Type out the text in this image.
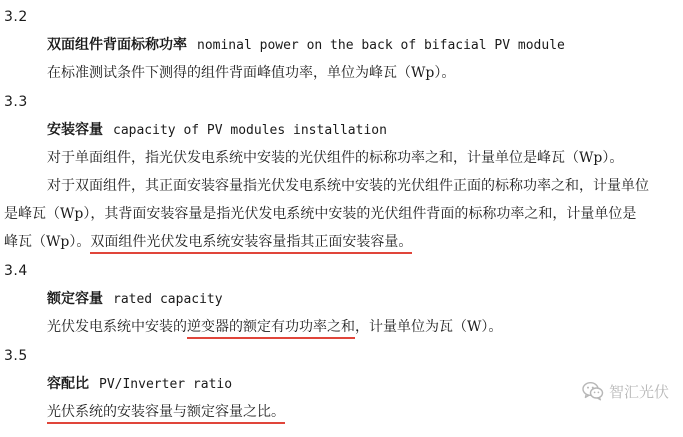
3.2
双面组件背面标称功率 nominal power on the back of bifacial PV module
在标准测试条件下测得的组件背面峰值功率，单位为峰瓦（Wp）。
3.3
安装容量 capacity of PV modules installation
对于单面组件，指光伏发电系统中安装的光伏组件的标称功率之和，计量单位是峰瓦（Wp）。
对于双面组件，其正面安装容量指光伏发电系统中安装的光伏组件正面的标称功率之和，计量单位
是峰瓦（Wp），其背面安装容量是指光伏发电系统中安装的光伏组件背面的标称功率之和，计量单位是
峰瓦（Wp）。双面组件光伏发电系统安装容量指其正面安装容量。
3.4
额定容量 rated capacity
光伏发电系统中安装的逆变器的额定有功功率之和，计量单位为瓦（W）。
3.5
容配比 PV/Inverter ratio
光伏系统的安装容量与额定容量之比。
智汇光伏
